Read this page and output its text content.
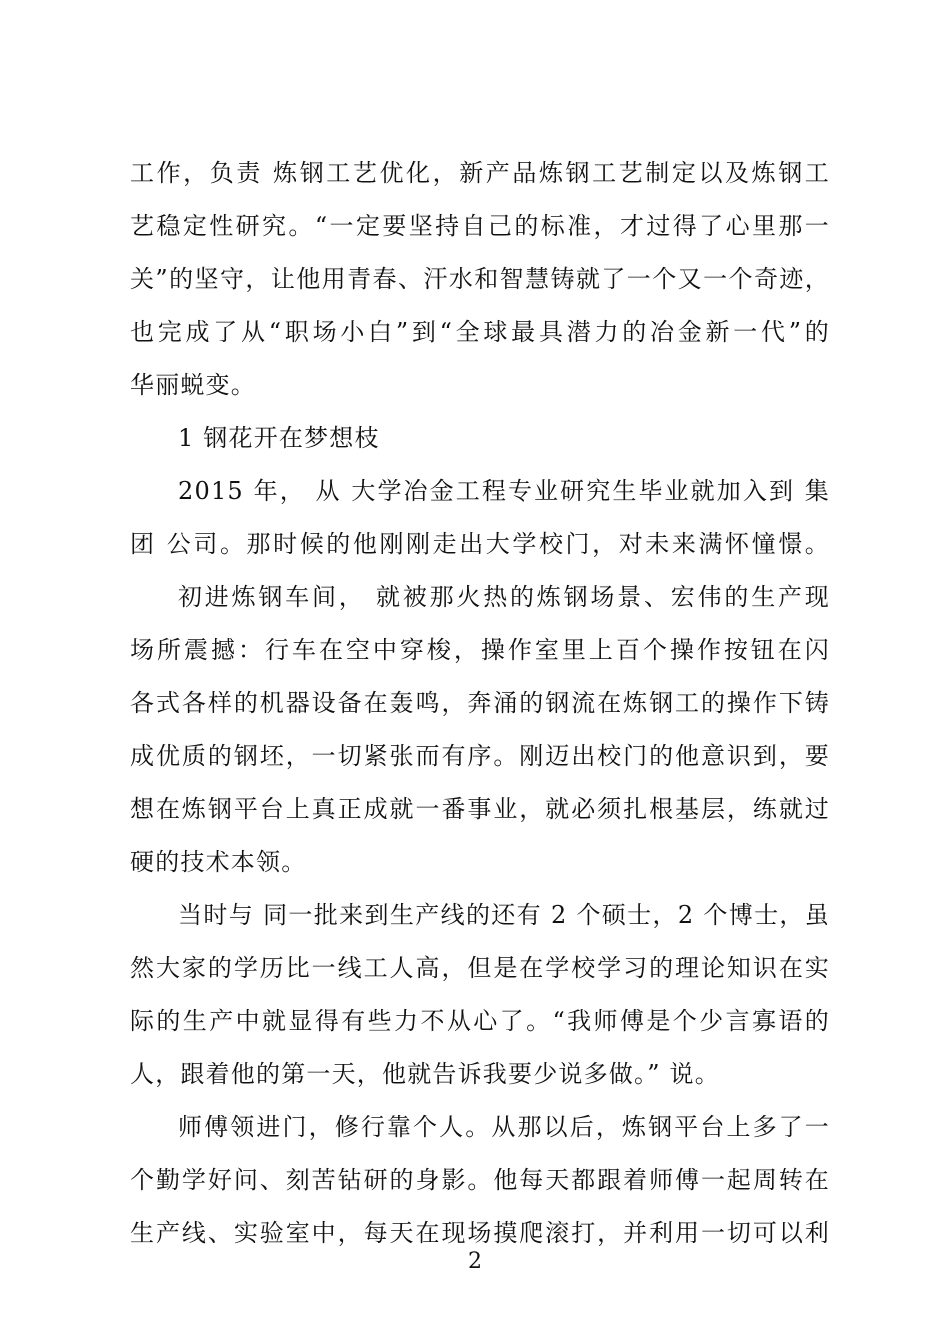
工作，负责 炼钢工艺优化，新产品炼钢工艺制定以及炼钢工
艺稳定性研究。“一定要坚持自己的标准，才过得了心里那一
关”的坚守，让他用青春、汗水和智慧铸就了一个又一个奇迹，
也完成了从“职场小白”到“全球最具潜力的冶金新一代”的
华丽蜕变。
1 钢花开在梦想枝
2015 年， 从 大学冶金工程专业研究生毕业就加入到 集
团 公司。那时候的他刚刚走出大学校门，对未来满怀憧憬。
初进炼钢车间， 就被那火热的炼钢场景、宏伟的生产现
场所震撼：行车在空中穿梭，操作室里上百个操作按钮在闪
各式各样的机器设备在轰鸣，奔涌的钢流在炼钢工的操作下铸
成优质的钢坯，一切紧张而有序。刚迈出校门的他意识到，要
想在炼钢平台上真正成就一番事业，就必须扎根基层，练就过
硬的技术本领。
当时与 同一批来到生产线的还有 2 个硕士，2 个博士，虽
然大家的学历比一线工人高，但是在学校学习的理论知识在实
际的生产中就显得有些力不从心了。“我师傅是个少言寡语的
人，跟着他的第一天，他就告诉我要少说多做。” 说。
师傅领进门，修行靠个人。从那以后，炼钢平台上多了一
个勤学好问、刻苦钻研的身影。他每天都跟着师傅一起周转在
生产线、实验室中，每天在现场摸爬滚打，并利用一切可以利
2
